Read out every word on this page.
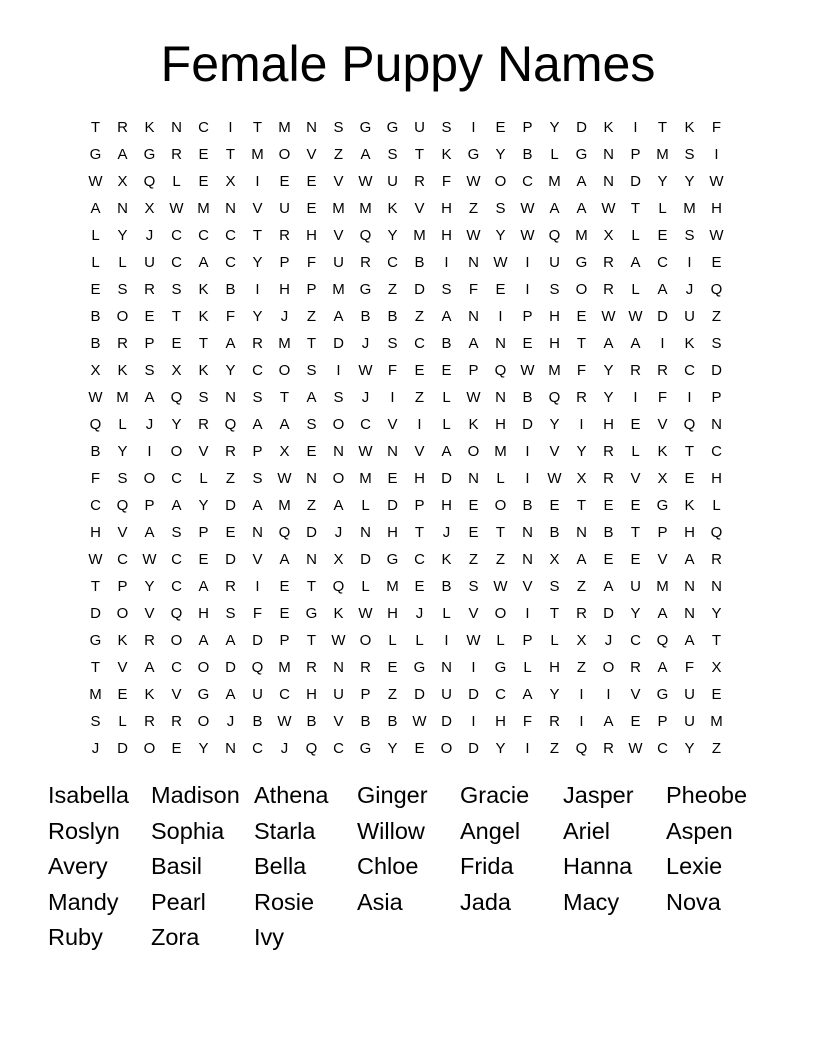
Female Puppy Names
T	R	K	N	C	I	T	M	N	S	G	G	U	S	I	E	P	Y	D	K	I	T	K	F
G	A	G	R	E	T	M O	V	Z	A	S	T	K	G	Y	B	L	G	N	P	M	S	I
W X	Q	L	E	X	I	E	E	V W U	R	F	W O	C	M	A	N	D	Y	Y W
A	N	X W M	N	V	U	E	M M	K	V	H	Z	S W A	A W	T	L	M	H
L	Y	J	C	C	C	T	R	H	V	Q	Y	M	H W Y W Q M	X	L	E	S W
L	L	U	C	A	C	Y	P	F	U	R	C	B	I	N W	I	U	G	R	A	C	I	E
E	S	R	S	K	B	I	H	P	M G	Z	D	S	F	E	I	S	O	R	L	A	J	Q
B	O	E	T	K	F	Y	J	Z	A	B	B	Z	A	N	I	P	H	E W W D	U	Z
B	R	P	E	T	A	R	M	T	D	J	S	C	B	A	N	E	H	T	A	A	I	K	S
X	K	S	X	K	Y	C	O	S	I	W	F	E	E	P	Q W M	F	Y	R	R	C	D
W M	A	Q	S	N	S	T	A	S	J	I	Z	L	W N	B	Q	R	Y	I	F	I	P
Q	L	J	Y	R	Q	A	A	S	O	C	V	I	L	K	H	D	Y	I	H	E	V	Q	N
B	Y	I	O	V	R	P	X	E	N W N	V	A	O M	I	V	Y	R	L	K	T	C
F	S	O	C	L	Z	S W N	O M	E	H	D	N	L	I	W X	R	V	X	E	H
C	Q	P	A	Y	D	A	M	Z	A	L	D	P	H	E	O	B	E	T	E	E	G	K	L
H	V	A	S	P	E	N	Q	D	J	N	H	T	J	E	T	N	B	N	B	T	P	H	Q
W C W C	E	D	V	A	N	X	D	G	C	K	Z	Z	N	X	A	E	E	V	A	R
T	P	Y	C	A	R	I	E	T	Q	L	M	E	B	S W V	S	Z	A	U	M	N	N
D	O	V	Q	H	S	F	E	G	K W H	J	L	V	O	I	T	R	D	Y	A	N	Y
G	K	R	O	A	A	D	P	T	W O	L	L	I	W	L	P	L	X	J	C	Q	A	T
T	V	A	C	O	D	Q M	R	N	R	E	G	N	I	G	L	H	Z	O	R	A	F	X
M	E	K	V	G	A	U	C	H	U	P	Z	D	U	D	C	A	Y	I	I	V	G	U	E
S	L	R	R	O	J	B W B	V	B	B W D	I	H	F	R	I	A	E	P	U	M
J	D	O	E	Y	N	C	J	Q	C	G	Y	E	O	D	Y	I	Z	Q	R W C	Y	Z
Isabella Madison Athena	Ginger	Gracie	Jasper	Pheobe
Roslyn	Sophia	Starla	Willow	Angel	Ariel	Aspen
Avery	Basil	Bella	Chloe	Frida	Hanna	Lexie
Mandy	Pearl	Rosie	Asia	Jada	Macy	Nova
Ruby	Zora	Ivy
